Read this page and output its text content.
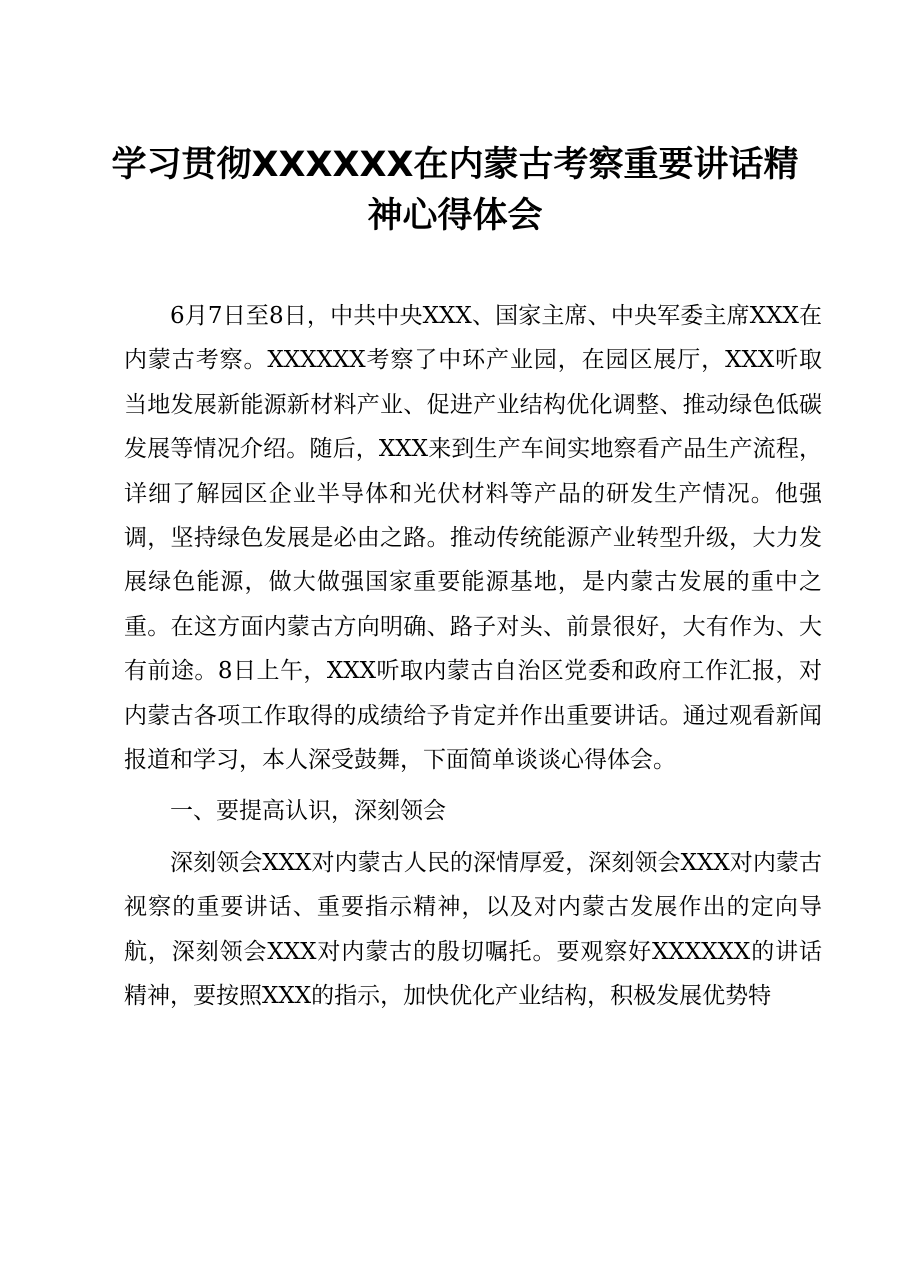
学习贯彻XXXXXX在内蒙古考察重要讲话精神心得体会

6月7日至8日，中共中央XXX、国家主席、中央军委主席XXX在内蒙古考察。XXXXXX考察了中环产业园，在园区展厅，XXX听取当地发展新能源新材料产业、促进产业结构优化调整、推动绿色低碳发展等情况介绍。随后，XXX来到生产车间实地察看产品生产流程，详细了解园区企业半导体和光伏材料等产品的研发生产情况。他强调，坚持绿色发展是必由之路。推动传统能源产业转型升级，大力发展绿色能源，做大做强国家重要能源基地，是内蒙古发展的重中之重。在这方面内蒙古方向明确、路子对头、前景很好，大有作为、大有前途。8日上午，XXX听取内蒙古自治区党委和政府工作汇报，对内蒙古各项工作取得的成绩给予肯定并作出重要讲话。通过观看新闻报道和学习，本人深受鼓舞，下面简单谈谈心得体会。

一、要提高认识，深刻领会

深刻领会XXX对内蒙古人民的深情厚爱，深刻领会XXX对内蒙古视察的重要讲话、重要指示精神，以及对内蒙古发展作出的定向导航，深刻领会XXX对内蒙古的殷切嘱托。要观察好XXXXXX的讲话精神，要按照XXX的指示，加快优化产业结构，积极发展优势特
